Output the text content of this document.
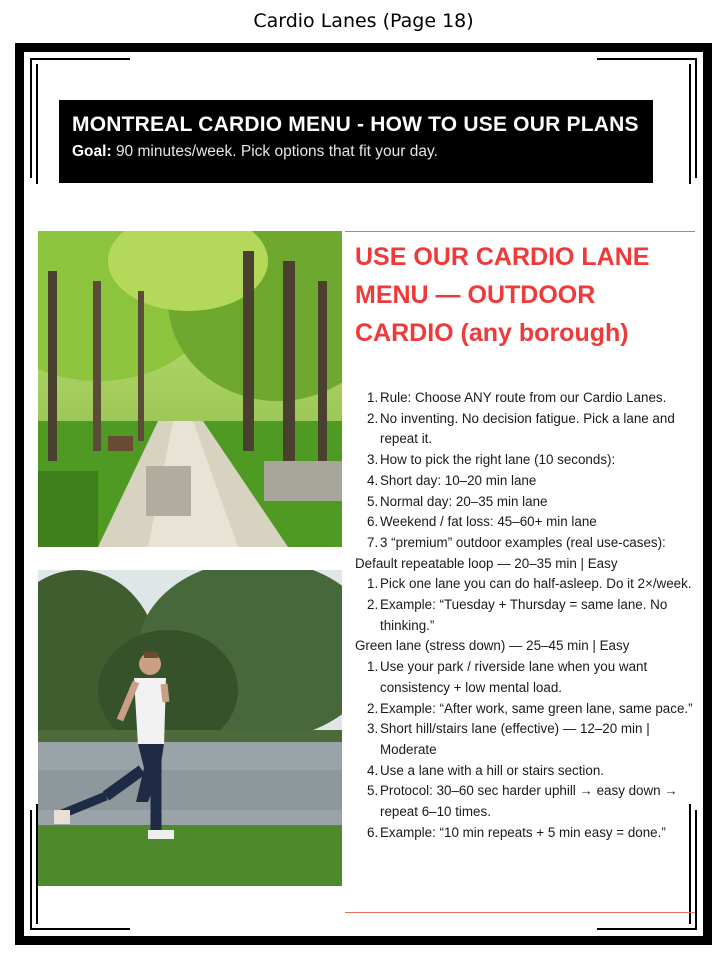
Cardio Lanes (Page 18)
MONTREAL CARDIO MENU - HOW TO USE OUR PLANS
Goal: 90 minutes/week. Pick options that fit your day.
USE OUR CARDIO LANE MENU — OUTDOOR CARDIO (any borough)
1. Rule: Choose ANY route from our Cardio Lanes.
2. No inventing. No decision fatigue. Pick a lane and repeat it.
3. How to pick the right lane (10 seconds):
4. Short day: 10–20 min lane
5. Normal day: 20–35 min lane
6. Weekend / fat loss: 45–60+ min lane
7. 3 “premium” outdoor examples (real use-cases):
Default repeatable loop — 20–35 min | Easy
1. Pick one lane you can do half-asleep. Do it 2×/week.
2. Example: “Tuesday + Thursday = same lane. No thinking.”
Green lane (stress down) — 25–45 min | Easy
1. Use your park / riverside lane when you want consistency + low mental load.
2. Example: “After work, same green lane, same pace.”
3. Short hill/stairs lane (effective) — 12–20 min | Moderate
4. Use a lane with a hill or stairs section.
5. Protocol: 30–60 sec harder uphill → easy down → repeat 6–10 times.
6. Example: “10 min repeats + 5 min easy = done.”
